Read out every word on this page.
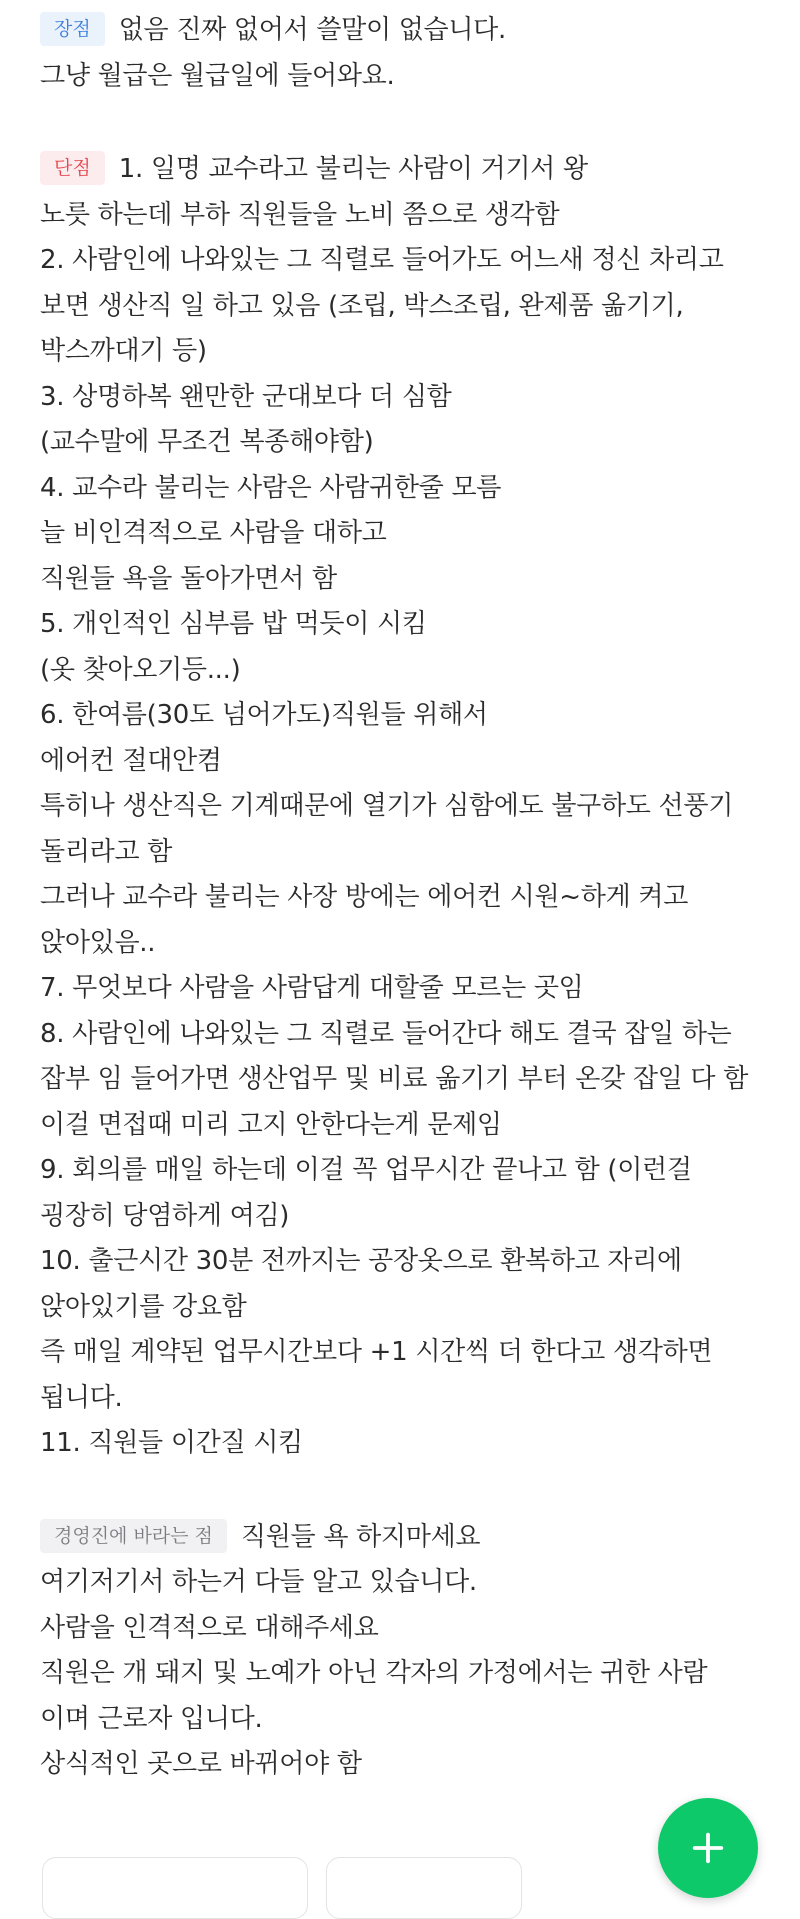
장점 없음 진짜 없어서 쓸말이 없습니다.
그냥 월급은 월급일에 들어와요.
단점 1. 일명 교수라고 불리는 사람이 거기서 왕
노릇 하는데 부하 직원들을 노비 쯤으로 생각함
2. 사람인에 나와있는 그 직렬로 들어가도 어느새 정신 차리고
보면 생산직 일 하고 있음 (조립, 박스조립, 완제품 옮기기,
박스까대기 등)
3. 상명하복 왠만한 군대보다 더 심함
(교수말에 무조건 복종해야함)
4. 교수라 불리는 사람은 사람귀한줄 모름
늘 비인격적으로 사람을 대하고
직원들 욕을 돌아가면서 함
5. 개인적인 심부름 밥 먹듯이 시킴
(옷 찾아오기등...)
6. 한여름(30도 넘어가도)직원들 위해서
에어컨 절대안켬
특히나 생산직은 기계때문에 열기가 심함에도 불구하도 선풍기
돌리라고 함
그러나 교수라 불리는 사장 방에는 에어컨 시원~하게 켜고
앉아있음..
7. 무엇보다 사람을 사람답게 대할줄 모르는 곳임
8. 사람인에 나와있는 그 직렬로 들어간다 해도 결국 잡일 하는
잡부 임 들어가면 생산업무 및 비료 옮기기 부터 온갖 잡일 다 함
이걸 면접때 미리 고지 안한다는게 문제임
9. 회의를 매일 하는데 이걸 꼭 업무시간 끝나고 함 (이런걸
굉장히 당염하게 여김)
10. 출근시간 30분 전까지는 공장옷으로 환복하고 자리에
앉아있기를 강요함
즉 매일 계약된 업무시간보다 +1 시간씩 더 한다고 생각하면
됩니다.
11. 직원들 이간질 시킴
경영진에 바라는 점 직원들 욕 하지마세요
여기저기서 하는거 다들 알고 있습니다.
사람을 인격적으로 대해주세요
직원은 개 돼지 및 노예가 아닌 각자의 가정에서는 귀한 사람
이며 근로자 입니다.
상식적인 곳으로 바뀌어야 함
